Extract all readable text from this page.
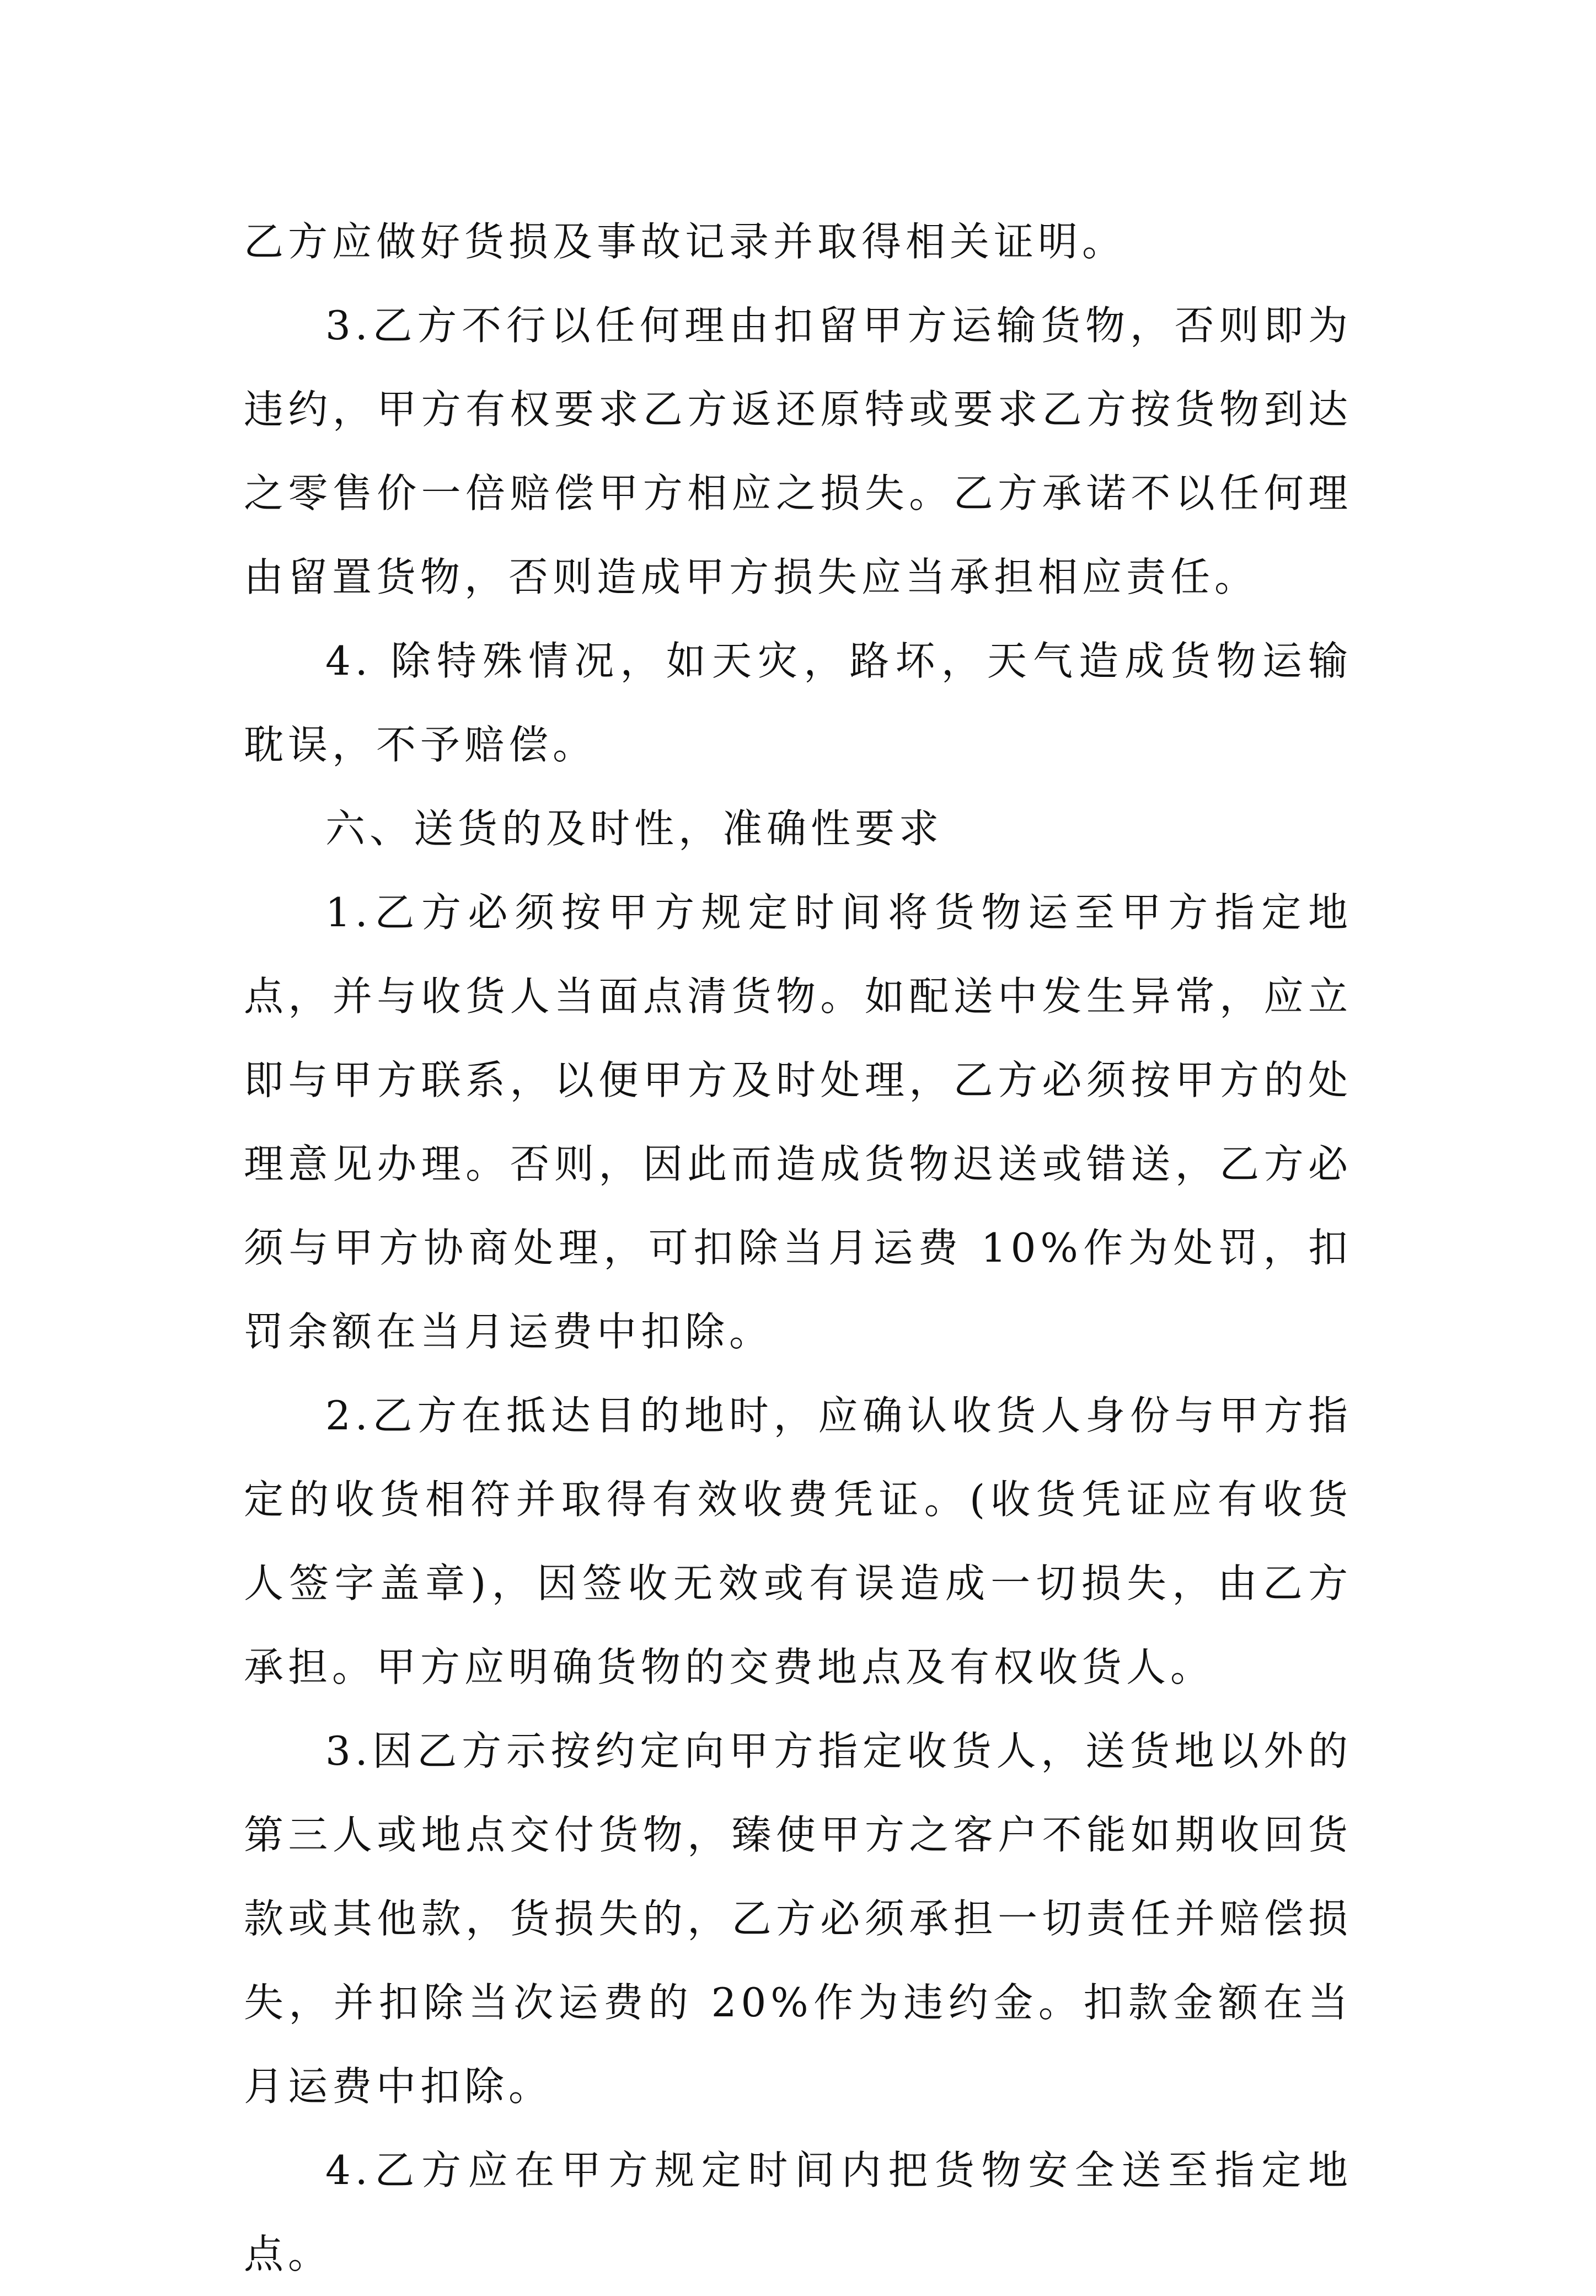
乙方应做好货损及事故记录并取得相关证明。

3.乙方不行以任何理由扣留甲方运输货物，否则即为违约，甲方有权要求乙方返还原特或要求乙方按货物到达之零售价一倍赔偿甲方相应之损失。乙方承诺不以任何理由留置货物，否则造成甲方损失应当承担相应责任。

4. 除特殊情况，如天灾，路坏，天气造成货物运输耽误，不予赔偿。

六、送货的及时性，准确性要求

1.乙方必须按甲方规定时间将货物运至甲方指定地点，并与收货人当面点清货物。如配送中发生异常，应立即与甲方联系，以便甲方及时处理，乙方必须按甲方的处理意见办理。否则，因此而造成货物迟送或错送，乙方必须与甲方协商处理，可扣除当月运费 10%作为处罚，扣罚余额在当月运费中扣除。

2.乙方在抵达目的地时，应确认收货人身份与甲方指定的收货相符并取得有效收费凭证。(收货凭证应有收货人签字盖章)，因签收无效或有误造成一切损失，由乙方承担。甲方应明确货物的交费地点及有权收货人。

3.因乙方示按约定向甲方指定收货人，送货地以外的第三人或地点交付货物，臻使甲方之客户不能如期收回货款或其他款，货损失的，乙方必须承担一切责任并赔偿损失，并扣除当次运费的 20%作为违约金。扣款金额在当月运费中扣除。

4.乙方应在甲方规定时间内把货物安全送至指定地点。
